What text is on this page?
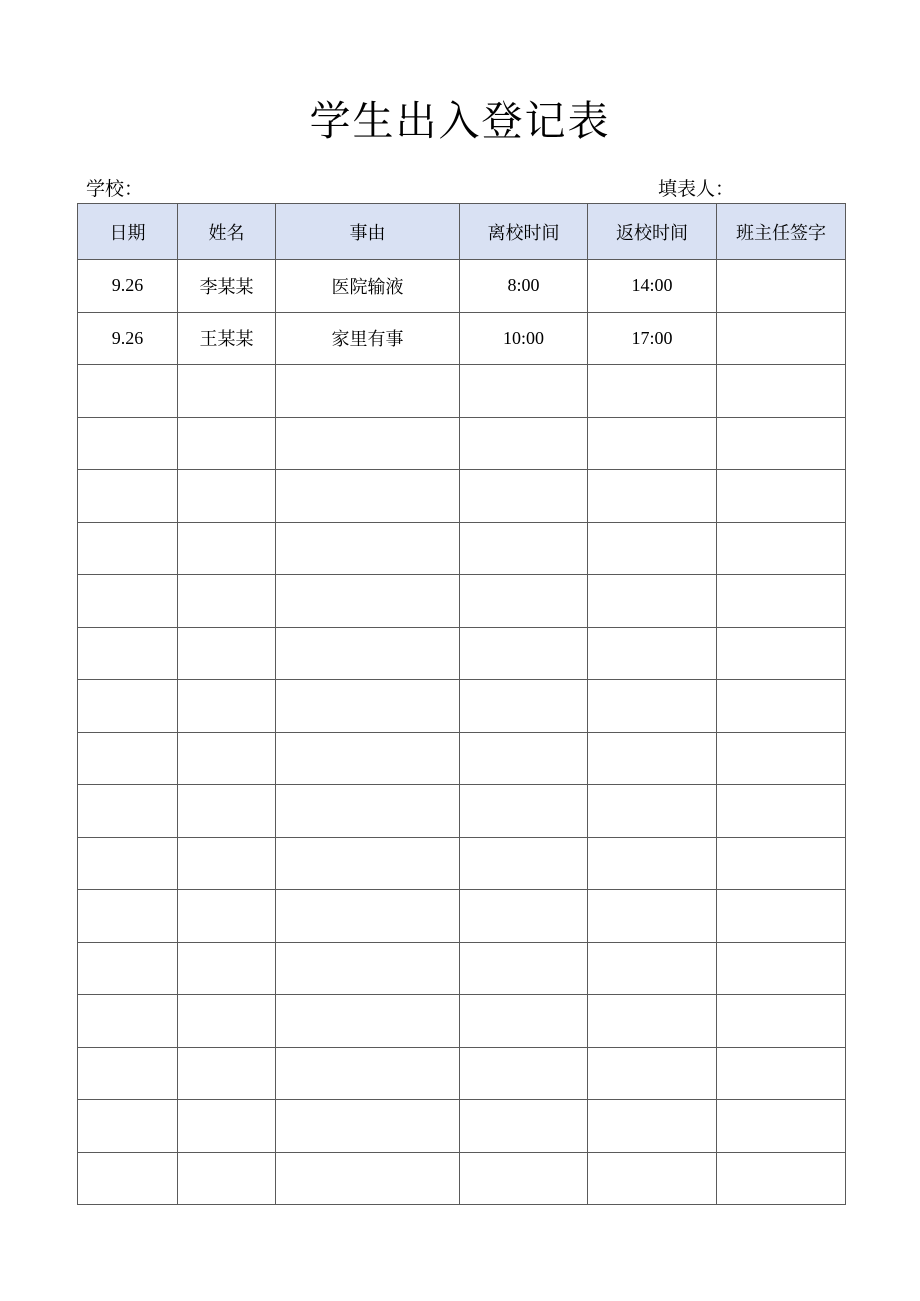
学生出入登记表
学校：	填表人：
日期	姓名	事由	离校时间	返校时间	班主任签字
9.26	李某某	医院输液	8:00	14:00	
9.26	王某某	家里有事	10:00	17:00	
